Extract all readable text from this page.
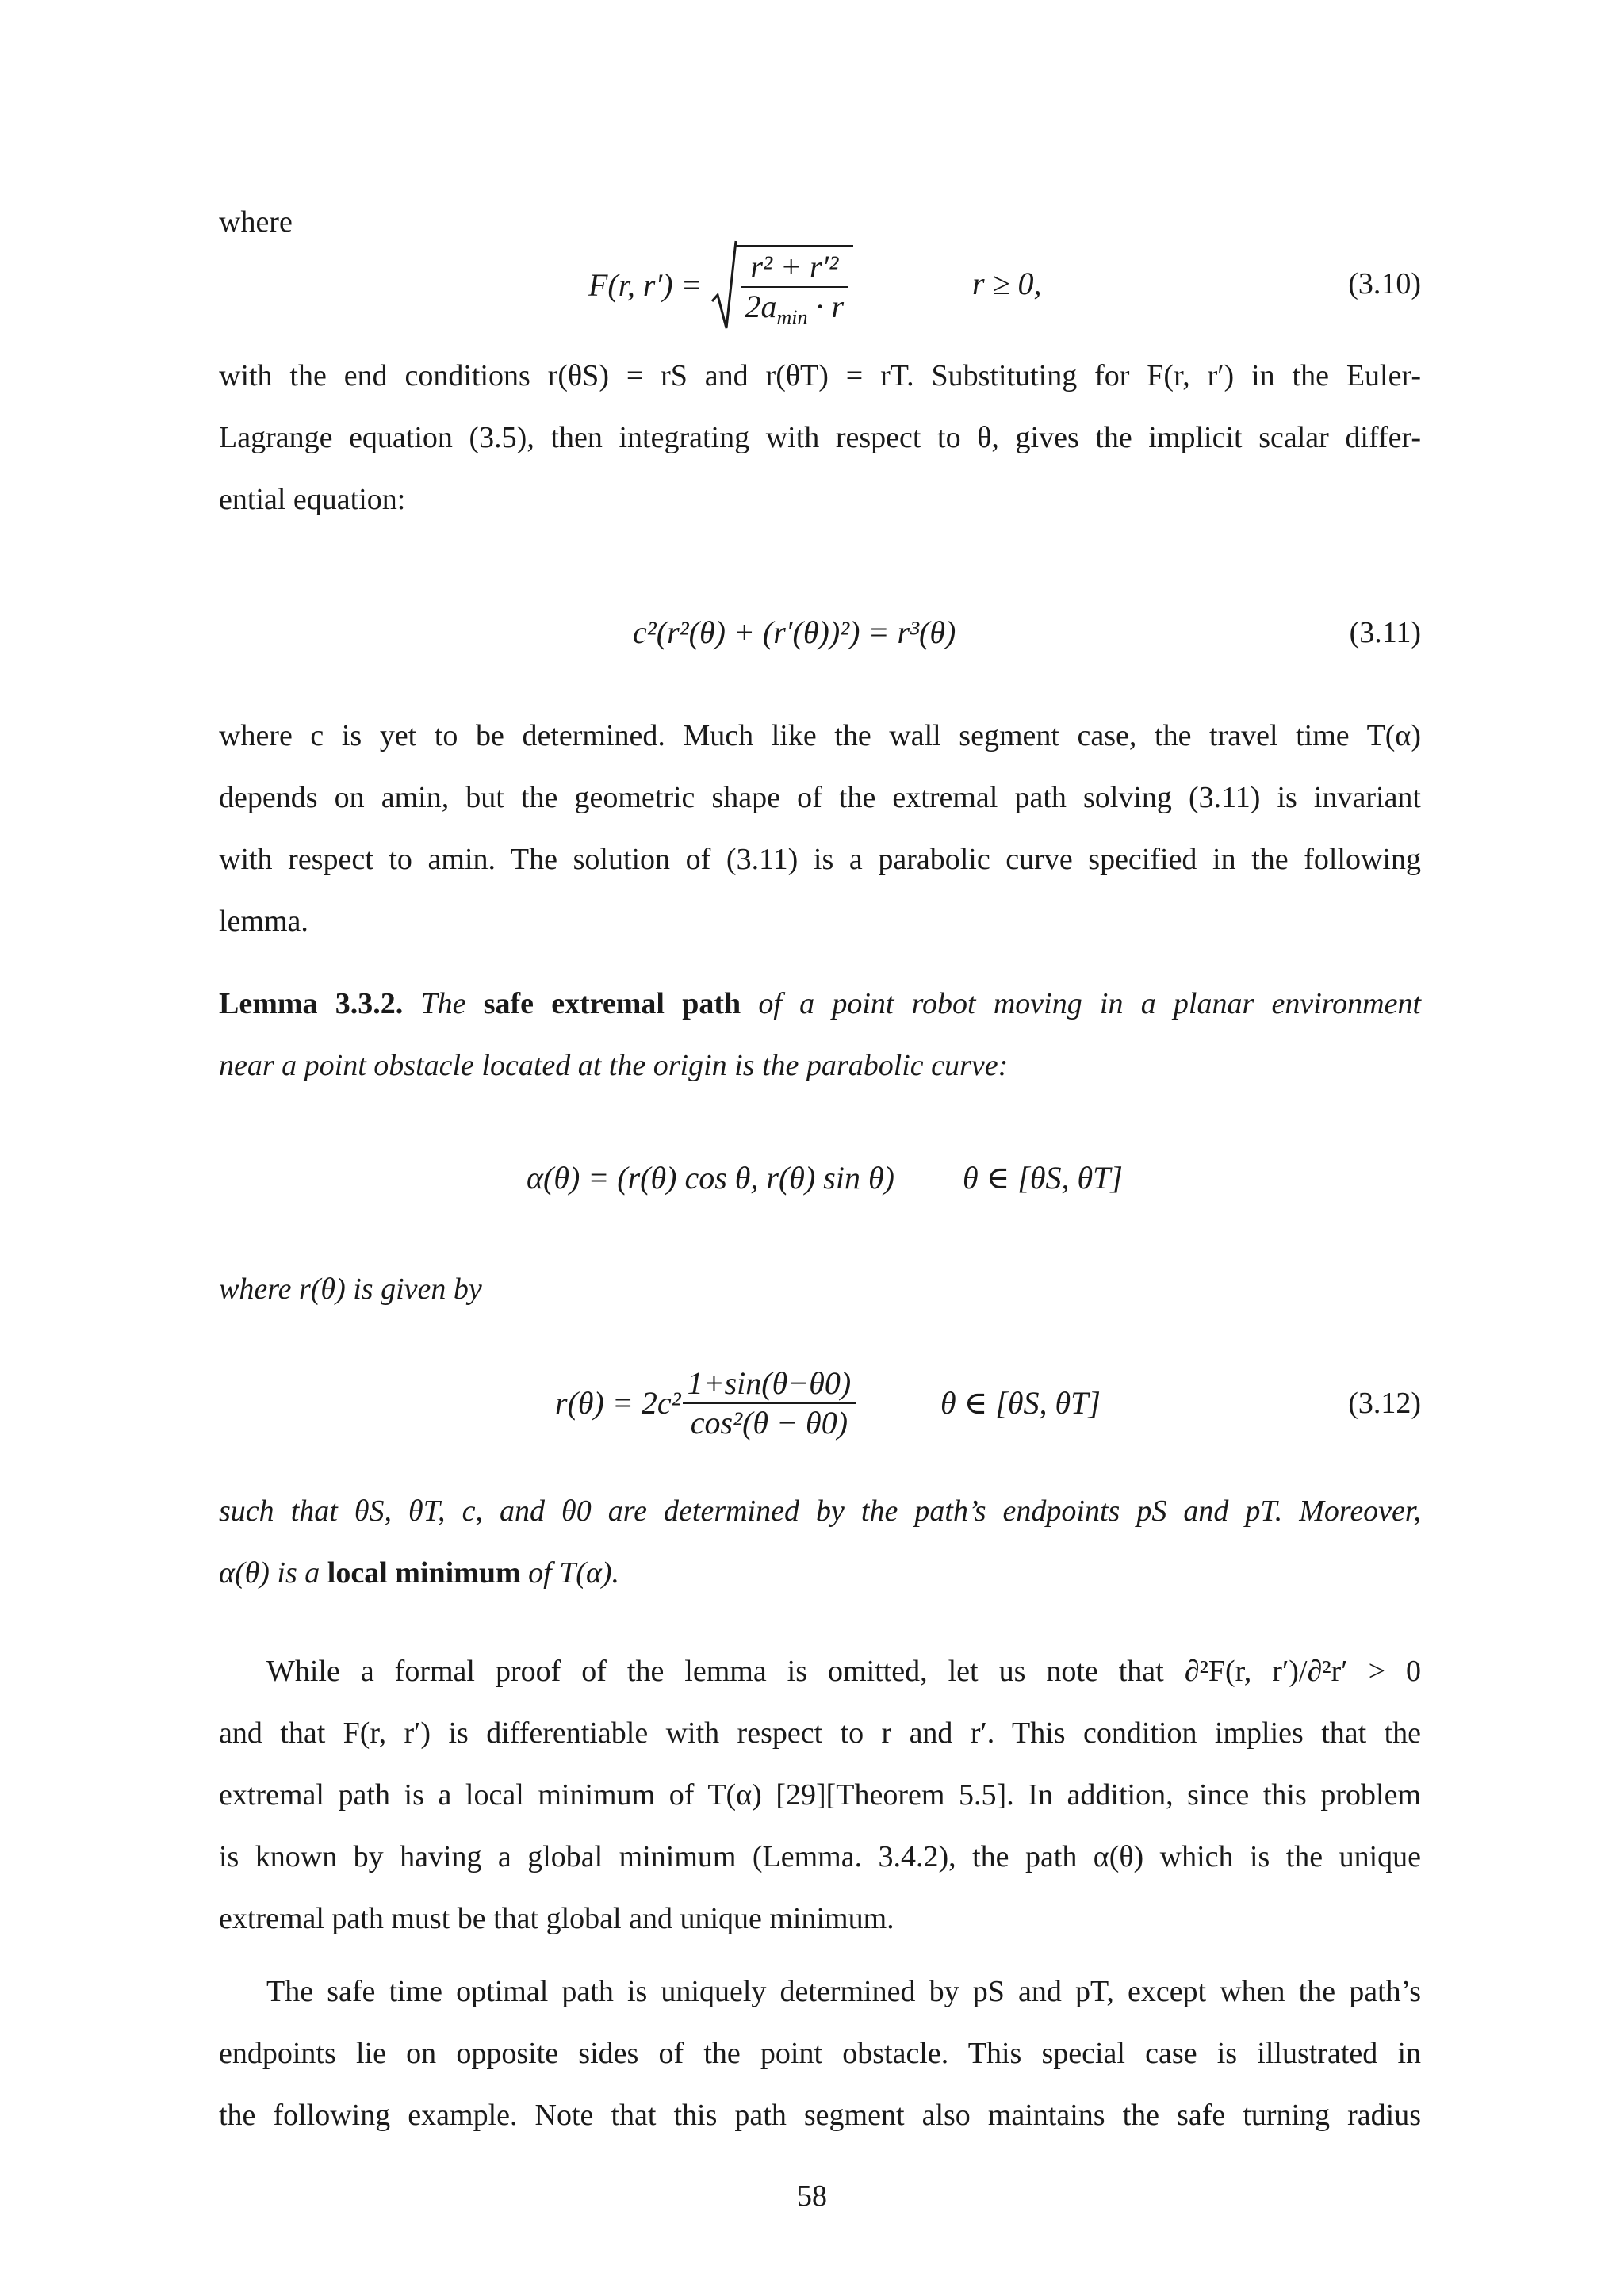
where
F(r, $r') = \frac{\text{r² + r′²}}{2a_{min} \cdot r}$	r ≥ 0,	(3.10)
with the end conditions r(θS) = rS and r(θT) = rT. Substituting for F(r, r′) in the Euler-
Lagrange equation (3.5), then integrating with respect to θ, gives the implicit scalar differ-
ential equation:
c²(r²(θ) + (r′(θ))²) = r³(θ)	(3.11)
where c is yet to be determined. Much like the wall segment case, the travel time T(α)
depends on amin, but the geometric shape of the extremal path solving (3.11) is invariant
with respect to amin. The solution of (3.11) is a parabolic curve specified in the following
lemma.
Lemma 3.3.2. The safe extremal path of a point robot moving in a planar environment
near a point obstacle located at the origin is the parabolic curve:
α(θ) = (r(θ) cos θ, r(θ) sin θ) θ ∈ [θS, θT]
where r(θ) is given by
$r(\theta) = 2c^2 \frac{1+\sin(\theta-\theta 0)}{\text{cos²(θ − θ0)}}$	θ ∈ [θS, θT]	(3.12)
such that θS, θT, c, and θ0 are determined by the path’s endpoints pS and pT. Moreover,
α(θ) is a local minimum of T(α).
While a formal proof of the lemma is omitted, let us note that ∂²F(r, r′)/∂²r′ > 0
and that F(r, r′) is differentiable with respect to r and r′. This condition implies that the
extremal path is a local minimum of T(α) [29][Theorem 5.5]. In addition, since this problem
is known by having a global minimum (Lemma. 3.4.2), the path α(θ) which is the unique
extremal path must be that global and unique minimum.
The safe time optimal path is uniquely determined by pS and pT, except when the path’s
endpoints lie on opposite sides of the point obstacle. This special case is illustrated in
the following example. Note that this path segment also maintains the safe turning radius
58
